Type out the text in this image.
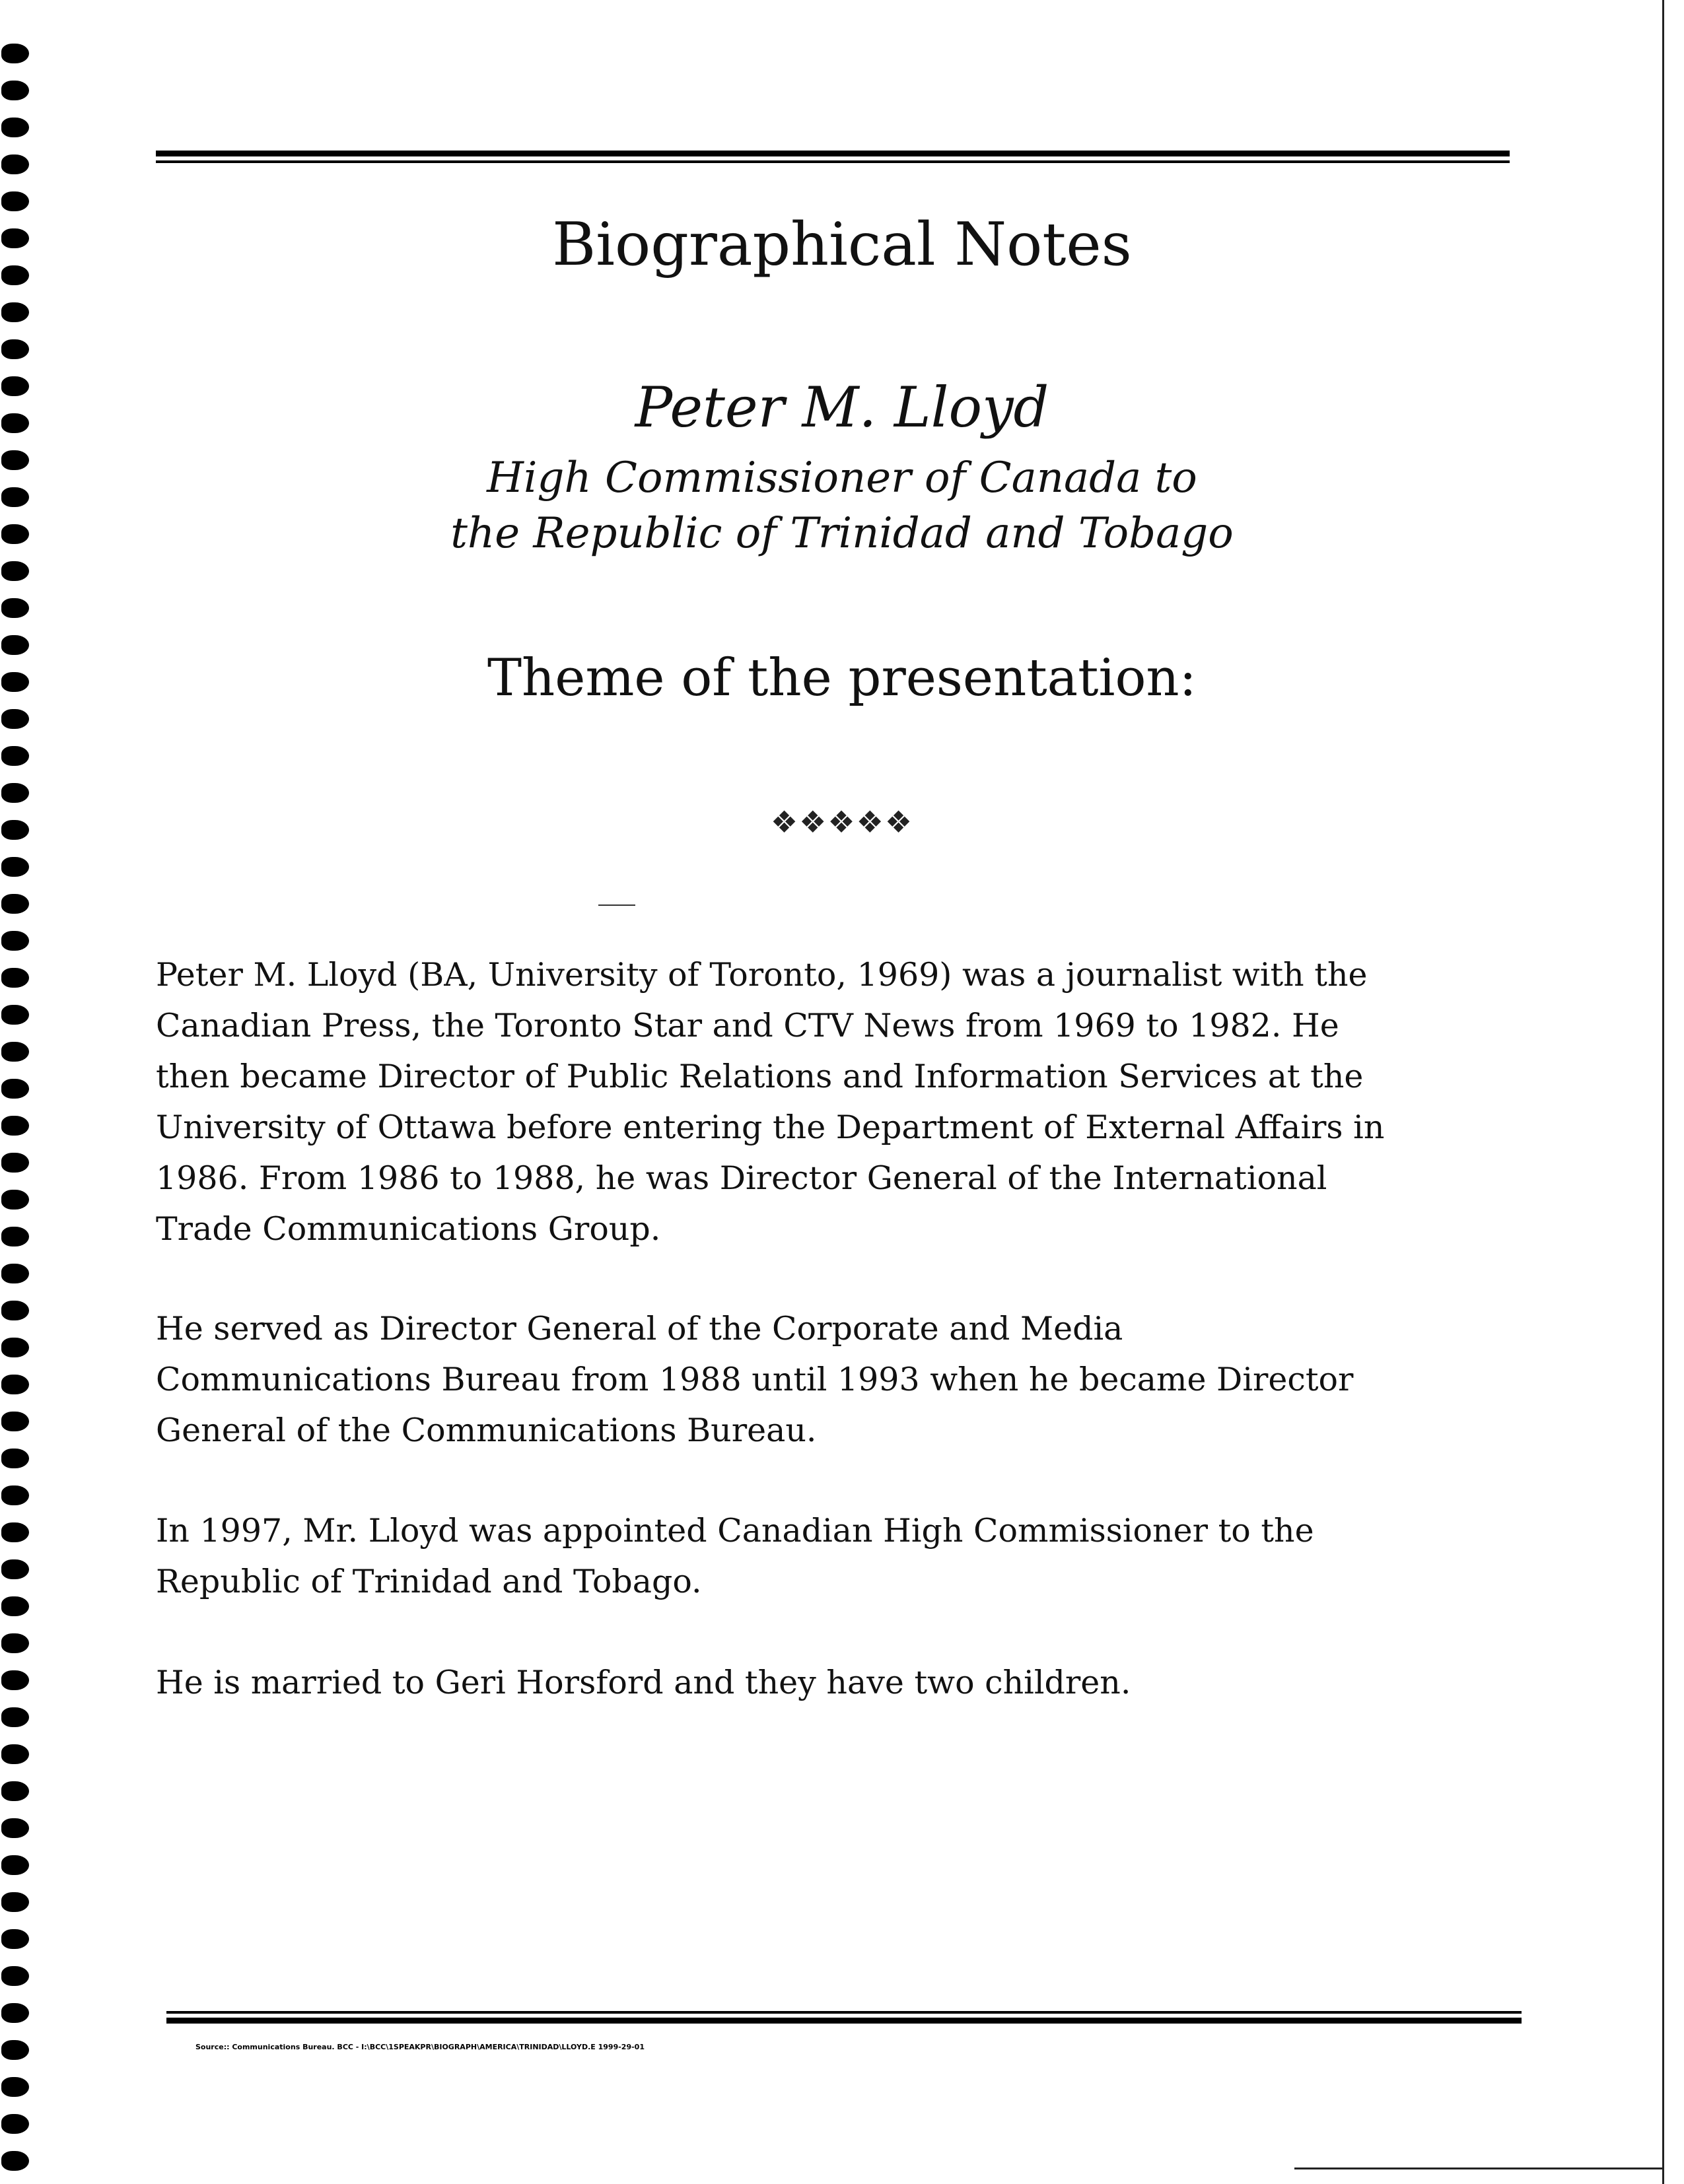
Biographical Notes
Peter M. Lloyd
High Commissioner of Canada to
the Republic of Trinidad and Tobago
Theme of the presentation:
❖❖❖❖❖
Peter M. Lloyd (BA, University of Toronto, 1969) was a journalist with the
Canadian Press, the Toronto Star and CTV News from 1969 to 1982. He
then became Director of Public Relations and Information Services at the
University of Ottawa before entering the Department of External Affairs in
1986. From 1986 to 1988, he was Director General of the International
Trade Communications Group.
He served as Director General of the Corporate and Media
Communications Bureau from 1988 until 1993 when he became Director
General of the Communications Bureau.
In 1997, Mr. Lloyd was appointed Canadian High Commissioner to the
Republic of Trinidad and Tobago.
He is married to Geri Horsford and they have two children.
Source:: Communications Bureau. BCC - I:\BCC\1SPEAKPR\BIOGRAPH\AMERICA\TRINIDAD\LLOYD.E 1999-29-01
